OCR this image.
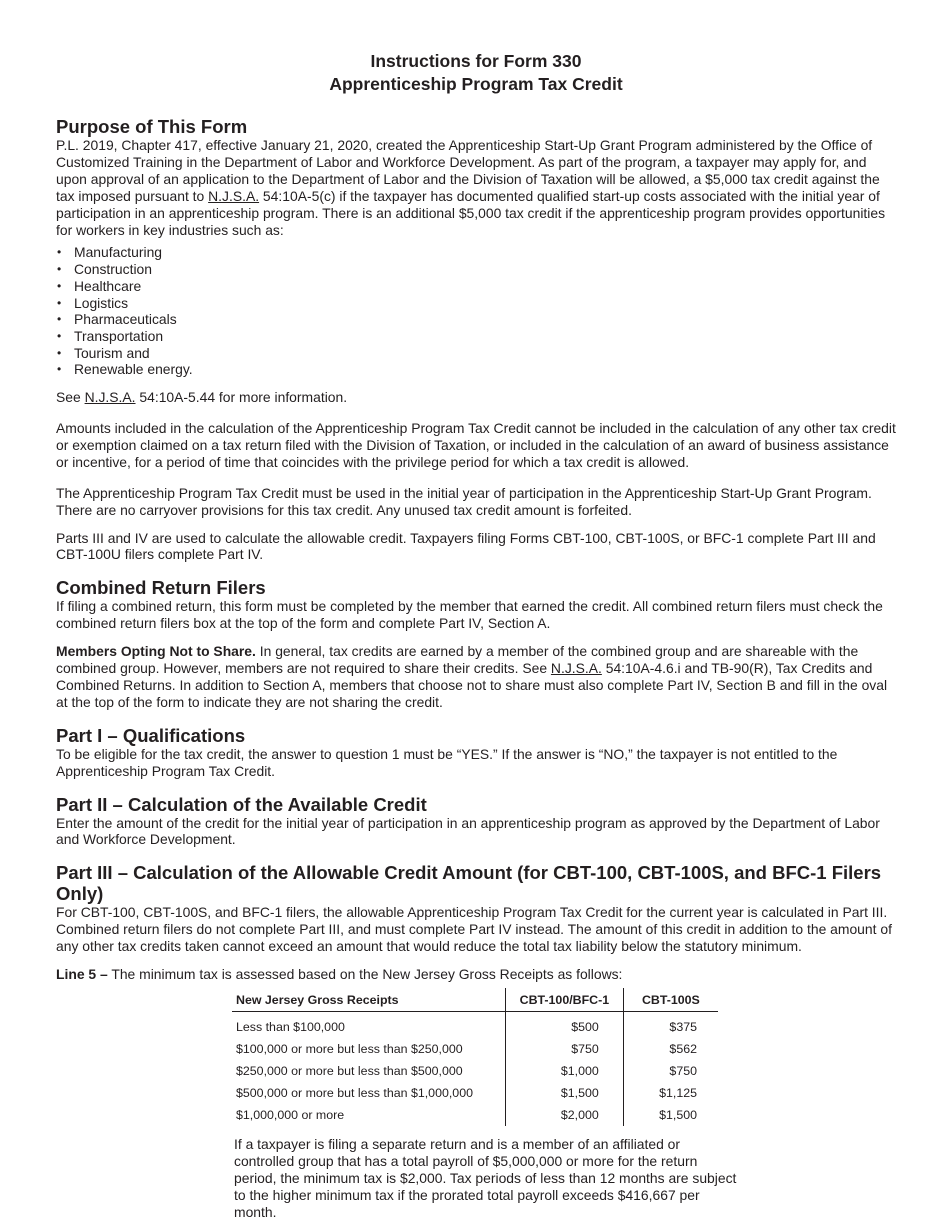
Instructions for Form 330

Apprenticeship Program Tax Credit

Purpose of This Form

P.L. 2019, Chapter 417, effective January 21, 2020, created the Apprenticeship Start-Up Grant Program administered by the Office of Customized Training in the Department of Labor and Workforce Development. As part of the program, a taxpayer may apply for, and upon approval of an application to the Department of Labor and the Division of Taxation will be allowed, a $5,000 tax credit against the tax imposed pursuant to N.J.S.A. 54:10A-5(c) if the taxpayer has documented qualified start-up costs associated with the initial year of participation in an apprenticeship program. There is an additional $5,000 tax credit if the apprenticeship program provides opportunities for workers in key industries such as:

• Manufacturing
• Construction
• Healthcare
• Logistics
• Pharmaceuticals
• Transportation
• Tourism and
• Renewable energy.

See N.J.S.A. 54:10A-5.44 for more information.

Amounts included in the calculation of the Apprenticeship Program Tax Credit cannot be included in the calculation of any other tax credit or exemption claimed on a tax return filed with the Division of Taxation, or included in the calculation of an award of business assistance or incentive, for a period of time that coincides with the privilege period for which a tax credit is allowed.

The Apprenticeship Program Tax Credit must be used in the initial year of participation in the Apprenticeship Start-Up Grant Program. There are no carryover provisions for this tax credit. Any unused tax credit amount is forfeited.

Parts III and IV are used to calculate the allowable credit. Taxpayers filing Forms CBT-100, CBT-100S, or BFC-1 complete Part III and CBT-100U filers complete Part IV.

Combined Return Filers

If filing a combined return, this form must be completed by the member that earned the credit. All combined return filers must check the combined return filers box at the top of the form and complete Part IV, Section A.

Members Opting Not to Share. In general, tax credits are earned by a member of the combined group and are shareable with the combined group. However, members are not required to share their credits. See N.J.S.A. 54:10A-4.6.i and TB-90(R), Tax Credits and Combined Returns. In addition to Section A, members that choose not to share must also complete Part IV, Section B and fill in the oval at the top of the form to indicate they are not sharing the credit.

Part I – Qualifications

To be eligible for the tax credit, the answer to question 1 must be “YES.” If the answer is “NO,” the taxpayer is not entitled to the Apprenticeship Program Tax Credit.

Part II – Calculation of the Available Credit

Enter the amount of the credit for the initial year of participation in an apprenticeship program as approved by the Department of Labor and Workforce Development.

Part III – Calculation of the Allowable Credit Amount (for CBT-100, CBT-100S, and BFC-1 Filers Only)

For CBT-100, CBT-100S, and BFC-1 filers, the allowable Apprenticeship Program Tax Credit for the current year is calculated in Part III. Combined return filers do not complete Part III, and must complete Part IV instead. The amount of this credit in addition to the amount of any other tax credits taken cannot exceed an amount that would reduce the total tax liability below the statutory minimum.

Line 5 – The minimum tax is assessed based on the New Jersey Gross Receipts as follows:

New Jersey Gross Receipts	CBT-100/BFC-1	CBT-100S
Less than $100,000	$500	$375
$100,000 or more but less than $250,000	$750	$562
$250,000 or more but less than $500,000	$1,000	$750
$500,000 or more but less than $1,000,000	$1,500	$1,125
$1,000,000 or more	$2,000	$1,500

If a taxpayer is filing a separate return and is a member of an affiliated or controlled group that has a total payroll of $5,000,000 or more for the return period, the minimum tax is $2,000. Tax periods of less than 12 months are subject to the higher minimum tax if the prorated total payroll exceeds $416,667 per month.
